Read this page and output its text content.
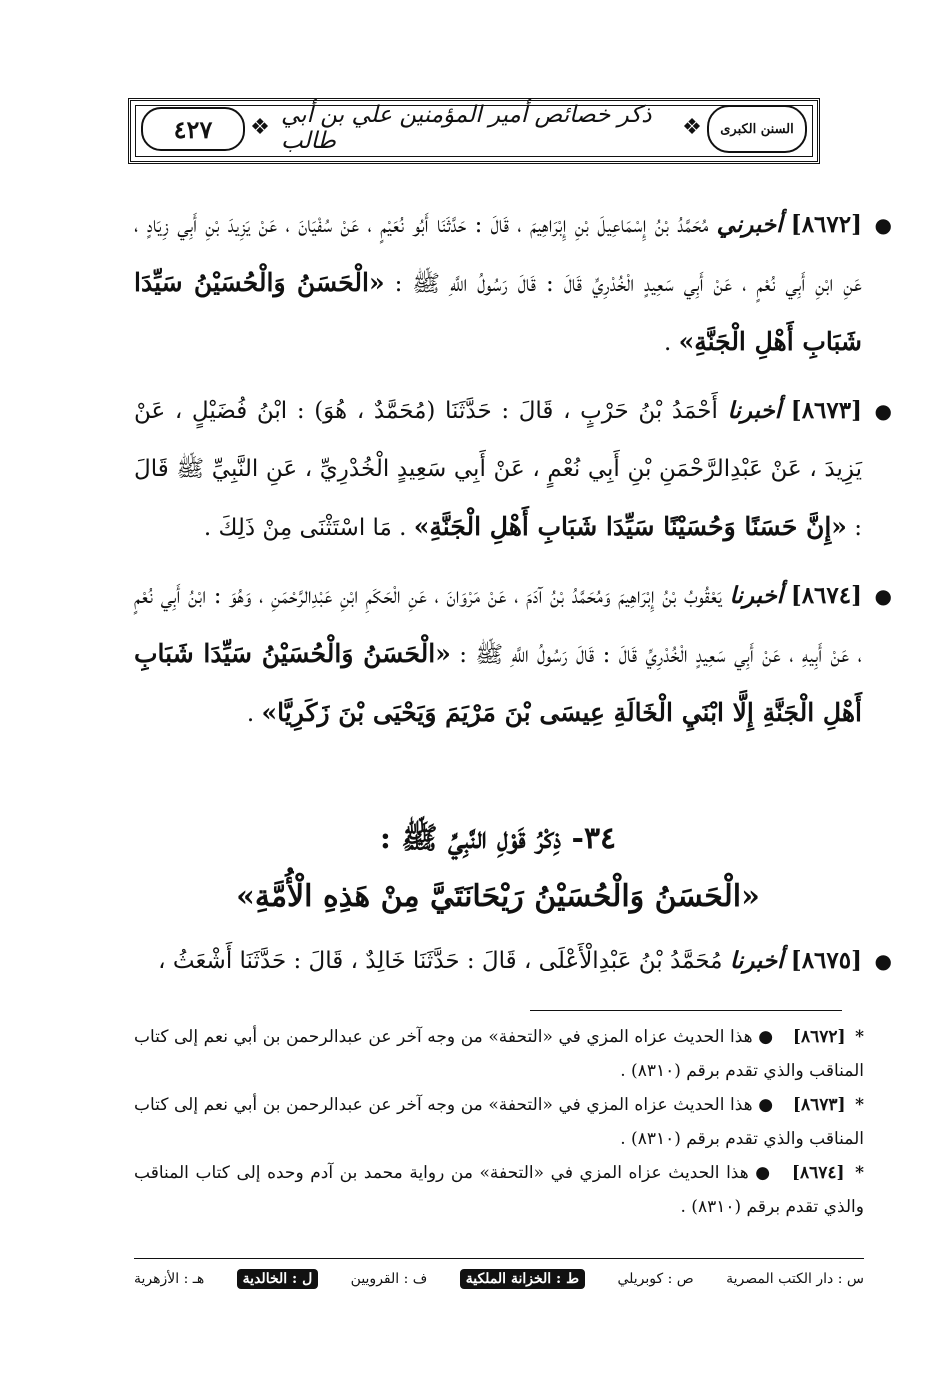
٤٢٧	❖ ذكر خصائص أمير المؤمنين علي بن أبي طالب
❖	السنن الكبرى
●
[٨٦٧٢] أخبرني مُحَمَّدُ بْنُ إِسْمَاعِيلَ بْنِ إِبْرَاهِيمَ ، قَالَ : حَدَّثَنَا أَبُو نُعَيْمٍ ، عَنْ سُفْيَانَ ، عَنْ يَزِيدَ بْنِ أَبِي زِيَادٍ ، عَنِ ابْنِ أَبِي نُعْمٍ ، عَنْ أَبِي سَعِيدٍ الْخُدْرِيِّ قَالَ : قَالَ رَسُولُ اللَّهِ ﷺ : «الْحَسَنُ وَالْحُسَيْنُ سَيِّدَا شَبَابِ أَهْلِ الْجَنَّةِ» .
●
[٨٦٧٣] أخبرنا أَحْمَدُ بْنُ حَرْبٍ ، قَالَ : حَدَّثَنَا (مُحَمَّدٌ ، هُوَ) : ابْنُ فُضَيْلٍ ، عَنْ يَزِيدَ ، عَنْ عَبْدِالرَّحْمَنِ بْنِ أَبِي نُعْمٍ ، عَنْ أَبِي سَعِيدٍ الْخُدْرِيِّ ، عَنِ النَّبِيِّ ﷺ قَالَ : «إِنَّ حَسَنًا وَحُسَيْنًا سَيِّدَا شَبَابِ أَهْلِ الْجَنَّةِ» . مَا اسْتَثْنَى مِنْ ذَلِكَ .
●
[٨٦٧٤] أخبرنا يَعْقُوبُ بْنُ إِبْرَاهِيمَ وَمُحَمَّدُ بْنُ آدَمَ ، عَنْ مَرْوَانَ ، عَنِ الْحَكَمِ ابْنِ عَبْدِالرَّحْمَنِ ، وَهُوَ : ابْنُ أَبِي نُعْمٍ ، عَنْ أَبِيهِ ، عَنْ أَبِي سَعِيدٍ الْخُدْرِيِّ قَالَ : قَالَ رَسُولُ اللَّهِ ﷺ : «الْحَسَنُ وَالْحُسَيْنُ سَيِّدَا شَبَابِ أَهْلِ الْجَنَّةِ إِلَّا ابْنَيِ الْخَالَةِ عِيسَى بْنَ مَرْيَمَ وَيَحْيَى بْنَ زَكَرِيَّا» .
٣٤- ذِكْرُ قَوْلِ النَّبِيِّ ﷺ :
«الْحَسَنُ وَالْحُسَيْنُ رَيْحَانَتَيَّ مِنْ هَذِهِ الْأُمَّةِ»
●
[٨٦٧٥] أخبرنا مُحَمَّدُ بْنُ عَبْدِالْأَعْلَى ، قَالَ : حَدَّثَنَا خَالِدٌ ، قَالَ : حَدَّثَنَا أَشْعَثُ ،
* [٨٦٧٢] ● هذا الحديث عزاه المزي في «التحفة» من وجه آخر عن عبدالرحمن بن أبي نعم إلى كتاب المناقب والذي تقدم برقم (٨٣١٠) .
* [٨٦٧٣] ● هذا الحديث عزاه المزي في «التحفة» من وجه آخر عن عبدالرحمن بن أبي نعم إلى كتاب المناقب والذي تقدم برقم (٨٣١٠) .
* [٨٦٧٤] ● هذا الحديث عزاه المزي في «التحفة» من رواية محمد بن آدم وحده إلى كتاب المناقب والذي تقدم برقم (٨٣١٠) .
س : دار الكتب المصرية
ص : كوبريلي
ط : الخزانة الملكية
ف : القرويين
ل : الخالدية
هـ : الأزهرية
